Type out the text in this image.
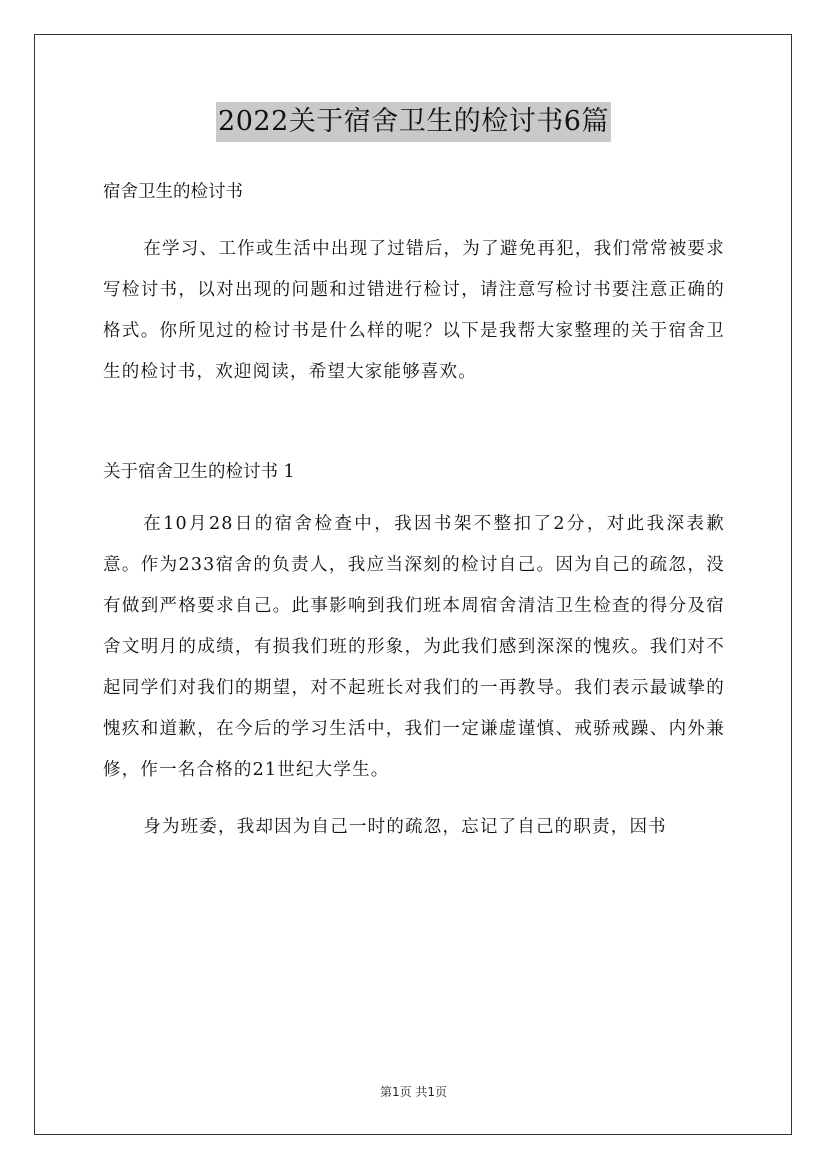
2022关于宿舍卫生的检讨书6篇

宿舍卫生的检讨书

在学习、工作或生活中出现了过错后，为了避免再犯，我们常常被要求写检讨书，以对出现的问题和过错进行检讨，请注意写检讨书要注意正确的格式。你所见过的检讨书是什么样的呢？以下是我帮大家整理的关于宿舍卫生的检讨书，欢迎阅读，希望大家能够喜欢。

关于宿舍卫生的检讨书 1

在10月28日的宿舍检查中，我因书架不整扣了2分，对此我深表歉意。作为233宿舍的负责人，我应当深刻的检讨自己。因为自己的疏忽，没有做到严格要求自己。此事影响到我们班本周宿舍清洁卫生检查的得分及宿舍文明月的成绩，有损我们班的形象，为此我们感到深深的愧疚。我们对不起同学们对我们的期望，对不起班长对我们的一再教导。我们表示最诚挚的愧疚和道歉，在今后的学习生活中，我们一定谦虚谨慎、戒骄戒躁、内外兼修，作一名合格的21世纪大学生。

身为班委，我却因为自己一时的疏忽，忘记了自己的职责，因书

第1页 共1页
